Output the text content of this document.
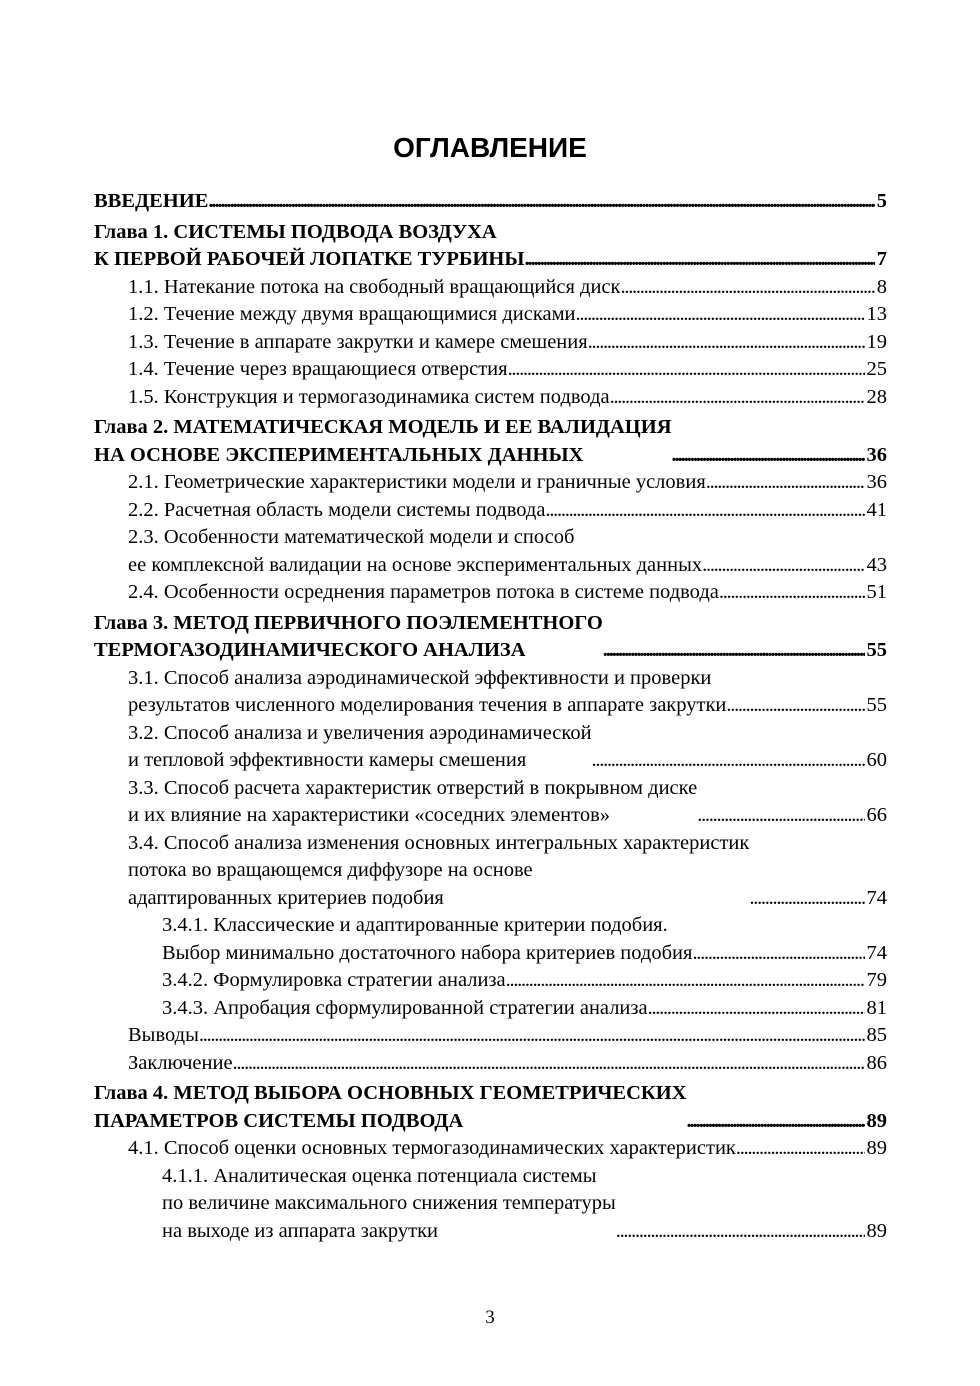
ОГЛАВЛЕНИЕ
ВВЕДЕНИЕ . . .	5
Глава 1. СИСТЕМЫ ПОДВОДА ВОЗДУХА
К ПЕРВОЙ РАБОЧЕЙ ЛОПАТКЕ ТУРБИНЫ . . .	7
1.1. Натекание потока на свободный вращающийся диск . . .	8
1.2. Течение между двумя вращающимися дисками . . .	13
1.3. Течение в аппарате закрутки и камере смешения . . .	19
1.4. Течение через вращающиеся отверстия . . .	25
1.5. Конструкция и термогазодинамика систем подвода . . .	28
Глава 2. МАТЕМАТИЧЕСКАЯ МОДЕЛЬ И ЕЕ ВАЛИДАЦИЯ
НА ОСНОВЕ ЭКСПЕРИМЕНТАЛЬНЫХ ДАННЫХ . . .	36
2.1. Геометрические характеристики модели и граничные условия . . .	36
2.2. Расчетная область модели системы подвода . . .	41
2.3. Особенности математической модели и способ
ее комплексной валидации на основе экспериментальных данных . . .	43
2.4. Особенности осреднения параметров потока в системе подвода . . .	51
Глава 3. МЕТОД ПЕРВИЧНОГО ПОЭЛЕМЕНТНОГО
ТЕРМОГАЗОДИНАМИЧЕСКОГО АНАЛИЗА . . .	55
3.1. Способ анализа аэродинамической эффективности и проверки
результатов численного моделирования течения в аппарате закрутки . . .	55
3.2. Способ анализа и увеличения аэродинамической
и тепловой эффективности камеры смешения . . .	60
3.3. Способ расчета характеристик отверстий в покрывном диске
и их влияние на характеристики «соседних элементов» . . .	66
3.4. Способ анализа изменения основных интегральных характеристик
потока во вращающемся диффузоре на основе
адаптированных критериев подобия . . .	74
3.4.1. Классические и адаптированные критерии подобия.
Выбор минимально достаточного набора критериев подобия . . .	74
3.4.2. Формулировка стратегии анализа . . .	79
3.4.3. Апробация сформулированной стратегии анализа . . .	81
Выводы . . .	85
Заключение . . .	86
Глава 4. МЕТОД ВЫБОРА ОСНОВНЫХ ГЕОМЕТРИЧЕСКИХ
ПАРАМЕТРОВ СИСТЕМЫ ПОДВОДА . . .	89
4.1. Способ оценки основных термогазодинамических характеристик . . .	89
4.1.1. Аналитическая оценка потенциала системы
по величине максимального снижения температуры
на выходе из аппарата закрутки . . .	89
3
